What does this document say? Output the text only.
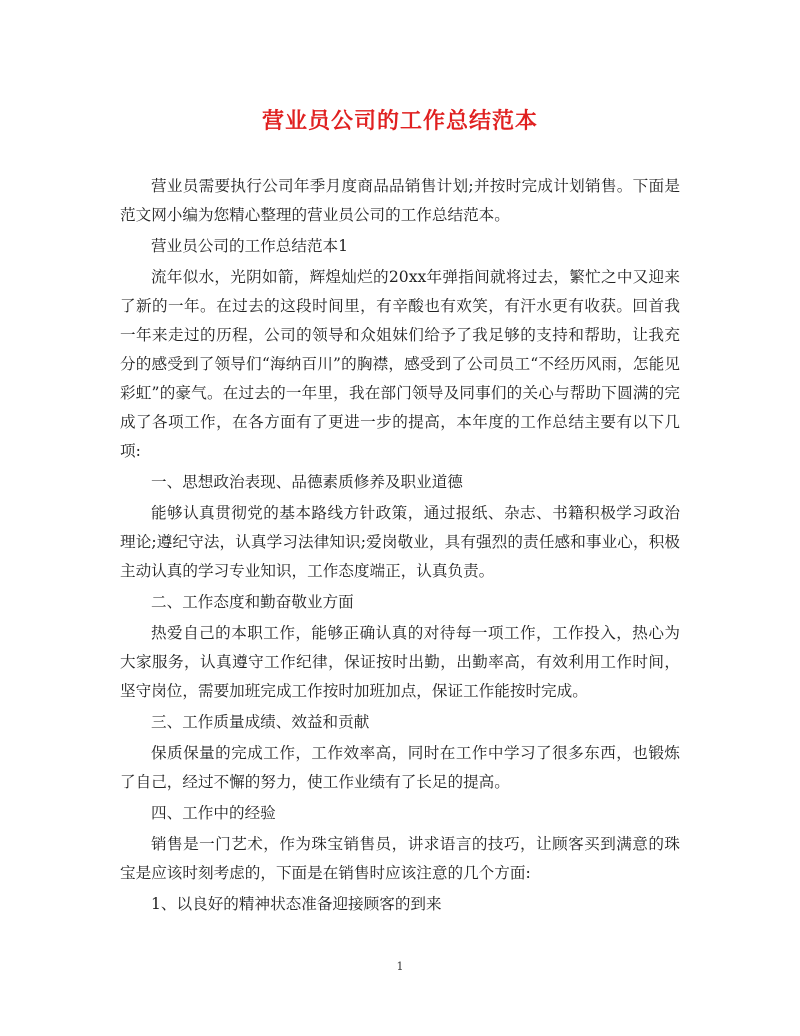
营业员公司的工作总结范本

营业员需要执行公司年季月度商品品销售计划;并按时完成计划销售。下面是范文网小编为您精心整理的营业员公司的工作总结范本。

营业员公司的工作总结范本1

流年似水，光阴如箭，辉煌灿烂的20xx年弹指间就将过去，繁忙之中又迎来了新的一年。在过去的这段时间里，有辛酸也有欢笑，有汗水更有收获。回首我一年来走过的历程，公司的领导和众姐妹们给予了我足够的支持和帮助，让我充分的感受到了领导们“海纳百川”的胸襟，感受到了公司员工“不经历风雨，怎能见彩虹”的豪气。在过去的一年里，我在部门领导及同事们的关心与帮助下圆满的完成了各项工作，在各方面有了更进一步的提高，本年度的工作总结主要有以下几项:

一、思想政治表现、品德素质修养及职业道德

能够认真贯彻党的基本路线方针政策，通过报纸、杂志、书籍积极学习政治理论;遵纪守法，认真学习法律知识;爱岗敬业，具有强烈的责任感和事业心，积极主动认真的学习专业知识，工作态度端正，认真负责。

二、工作态度和勤奋敬业方面

热爱自己的本职工作，能够正确认真的对待每一项工作，工作投入，热心为大家服务，认真遵守工作纪律，保证按时出勤，出勤率高，有效利用工作时间，坚守岗位，需要加班完成工作按时加班加点，保证工作能按时完成。

三、工作质量成绩、效益和贡献

保质保量的完成工作，工作效率高，同时在工作中学习了很多东西，也锻炼了自己，经过不懈的努力，使工作业绩有了长足的提高。

四、工作中的经验

销售是一门艺术，作为珠宝销售员，讲求语言的技巧，让顾客买到满意的珠宝是应该时刻考虑的，下面是在销售时应该注意的几个方面:

1、以良好的精神状态准备迎接顾客的到来

1
